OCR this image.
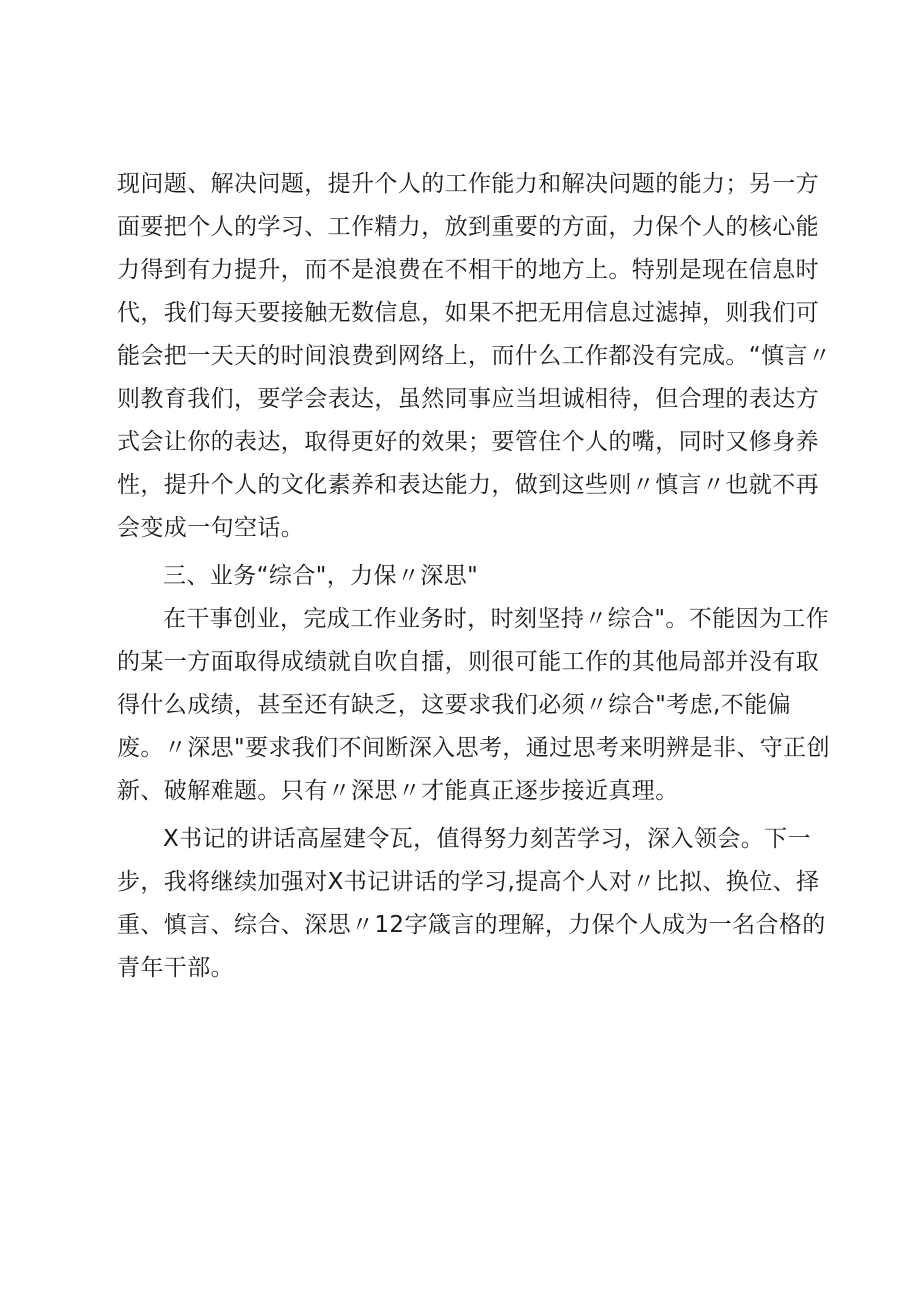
现问题、解决问题，提升个人的工作能力和解决问题的能力；另一方
面要把个人的学习、工作精力，放到重要的方面，力保个人的核心能
力得到有力提升，而不是浪费在不相干的地方上。特别是现在信息时
代，我们每天要接触无数信息，如果不把无用信息过滤掉，则我们可
能会把一天天的时间浪费到网络上，而什么工作都没有完成。“慎言〃
则教育我们，要学会表达，虽然同事应当坦诚相待，但合理的表达方
式会让你的表达，取得更好的效果；要管住个人的嘴，同时又修身养
性，提升个人的文化素养和表达能力，做到这些则〃慎言〃也就不再
会变成一句空话。
三、业务“综合"，力保〃深思"
在干事创业，完成工作业务时，时刻坚持〃综合"。不能因为工作
的某一方面取得成绩就自吹自擂，则很可能工作的其他局部并没有取
得什么成绩，甚至还有缺乏，这要求我们必须〃综合"考虑,不能偏
废。〃深思"要求我们不间断深入思考，通过思考来明辨是非、守正创
新、破解难题。只有〃深思〃才能真正逐步接近真理。
X书记的讲话高屋建令瓦，值得努力刻苦学习，深入领会。下一
步，我将继续加强对X书记讲话的学习,提高个人对〃比拟、换位、择
重、慎言、综合、深思〃12字箴言的理解，力保个人成为一名合格的
青年干部。
